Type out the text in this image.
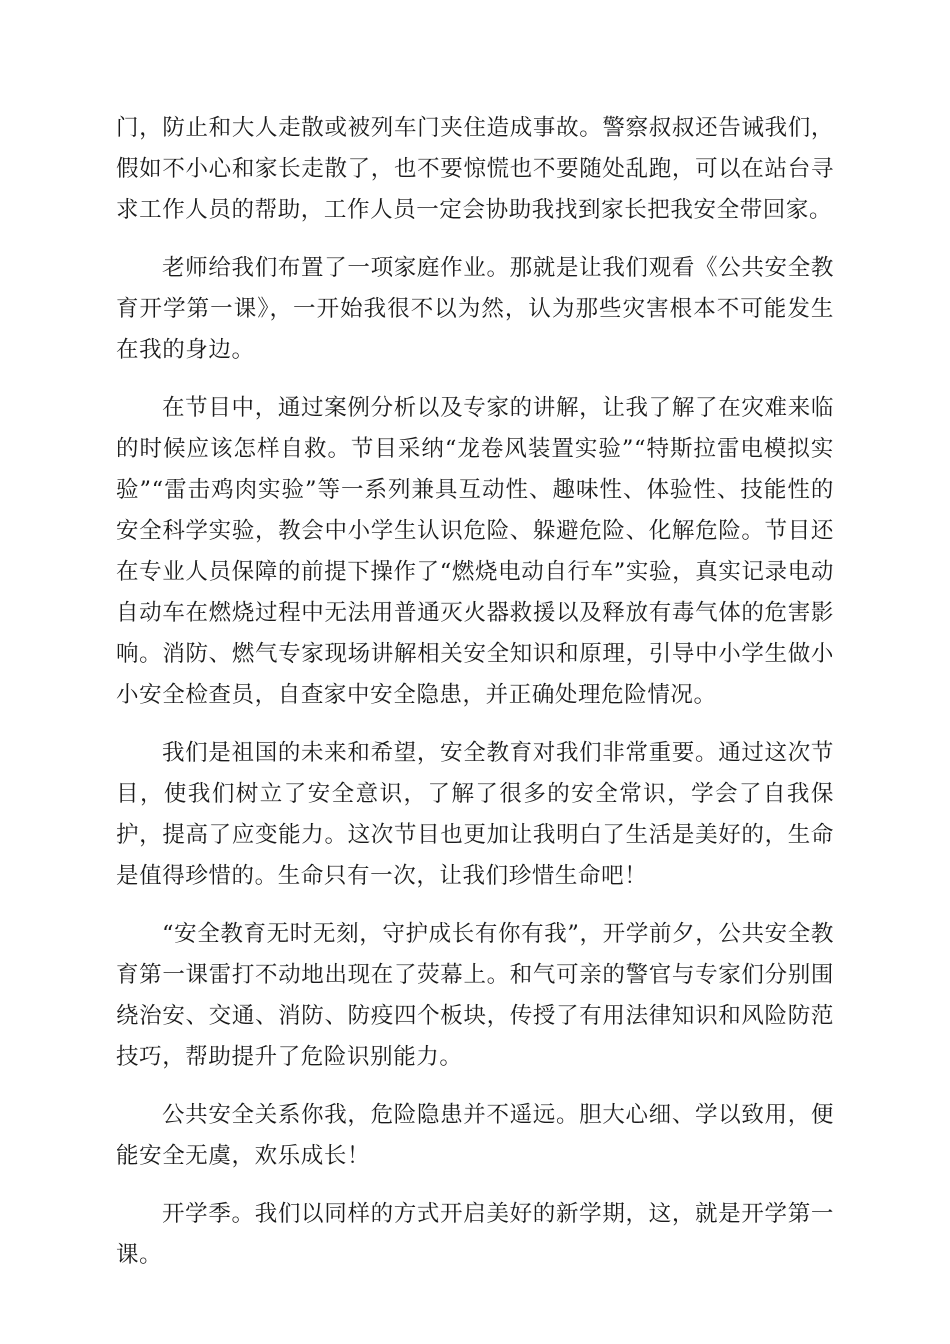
门，防止和大人走散或被列车门夹住造成事故。警察叔叔还告诫我们，假如不小心和家长走散了，也不要惊慌也不要随处乱跑，可以在站台寻求工作人员的帮助，工作人员一定会协助我找到家长把我安全带回家。

老师给我们布置了一项家庭作业。那就是让我们观看《公共安全教育开学第一课》，一开始我很不以为然，认为那些灾害根本不可能发生在我的身边。

在节目中，通过案例分析以及专家的讲解，让我了解了在灾难来临的时候应该怎样自救。节目采纳“龙卷风装置实验”“特斯拉雷电模拟实验”“雷击鸡肉实验”等一系列兼具互动性、趣味性、体验性、技能性的安全科学实验，教会中小学生认识危险、躲避危险、化解危险。节目还在专业人员保障的前提下操作了“燃烧电动自行车”实验，真实记录电动自动车在燃烧过程中无法用普通灭火器救援以及释放有毒气体的危害影响。消防、燃气专家现场讲解相关安全知识和原理，引导中小学生做小小安全检查员，自查家中安全隐患，并正确处理危险情况。

我们是祖国的未来和希望，安全教育对我们非常重要。通过这次节目，使我们树立了安全意识，了解了很多的安全常识，学会了自我保护，提高了应变能力。这次节目也更加让我明白了生活是美好的，生命是值得珍惜的。生命只有一次，让我们珍惜生命吧！

“安全教育无时无刻，守护成长有你有我”，开学前夕，公共安全教育第一课雷打不动地出现在了荧幕上。和气可亲的警官与专家们分别围绕治安、交通、消防、防疫四个板块，传授了有用法律知识和风险防范技巧，帮助提升了危险识别能力。

公共安全关系你我，危险隐患并不遥远。胆大心细、学以致用，便能安全无虞，欢乐成长！

开学季。我们以同样的方式开启美好的新学期，这，就是开学第一课。
